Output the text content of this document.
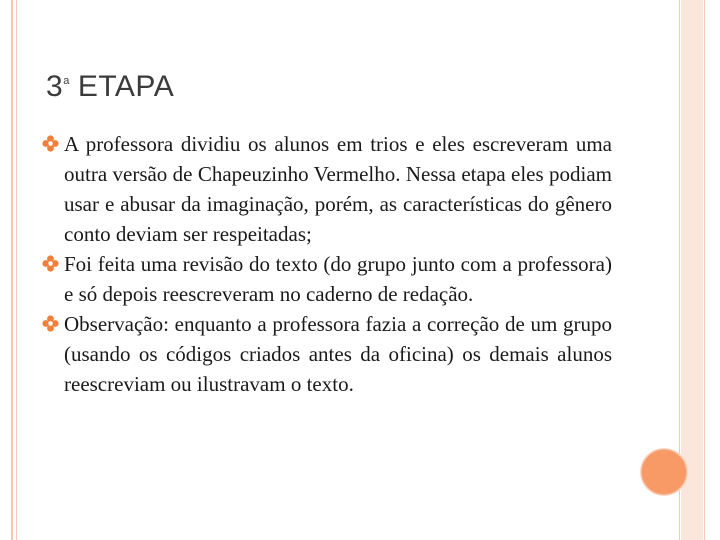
3$^a$ ETAPA
A professora dividiu os alunos em trios e eles escreveram uma outra versão de Chapeuzinho Vermelho. Nessa etapa eles podiam usar e abusar da imaginação, porém, as características do gênero conto deviam ser respeitadas;
Foi feita uma revisão do texto (do grupo junto com a professora) e só depois reescreveram no caderno de redação.
Observação: enquanto a professora fazia a correção de um grupo (usando os códigos criados antes da oficina) os demais alunos reescreviam ou ilustravam o texto.
